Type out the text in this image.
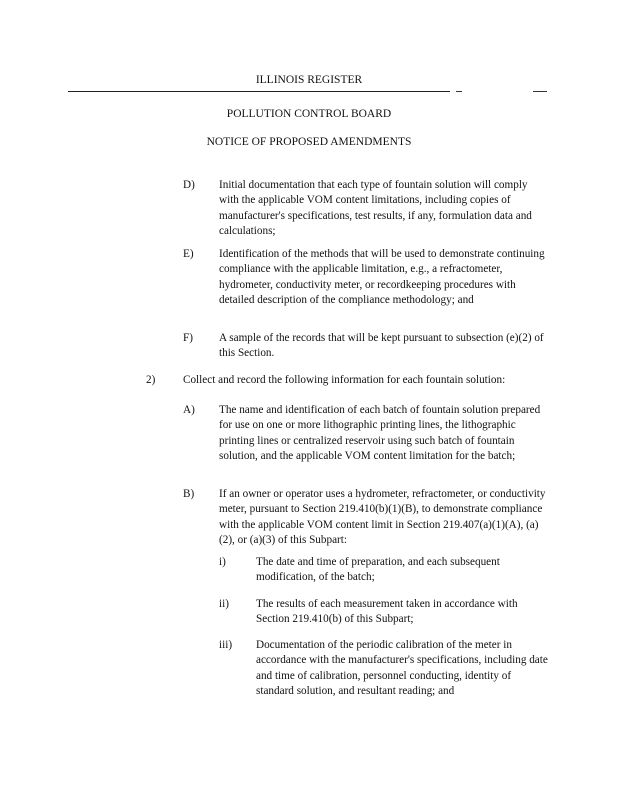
ILLINOIS REGISTER
POLLUTION CONTROL BOARD
NOTICE OF PROPOSED AMENDMENTS
D) Initial documentation that each type of fountain solution will comply with the applicable VOM content limitations, including copies of manufacturer's specifications, test results, if any, formulation data and calculations;
E) Identification of the methods that will be used to demonstrate continuing compliance with the applicable limitation, e.g., a refractometer, hydrometer, conductivity meter, or recordkeeping procedures with detailed description of the compliance methodology; and
F) A sample of the records that will be kept pursuant to subsection (e)(2) of this Section.
2) Collect and record the following information for each fountain solution:
A) The name and identification of each batch of fountain solution prepared for use on one or more lithographic printing lines, the lithographic printing lines or centralized reservoir using such batch of fountain solution, and the applicable VOM content limitation for the batch;
B) If an owner or operator uses a hydrometer, refractometer, or conductivity meter, pursuant to Section 219.410(b)(1)(B), to demonstrate compliance with the applicable VOM content limit in Section 219.407(a)(1)(A), (a)(2), or (a)(3) of this Subpart:
i)	The date and time of preparation, and each subsequent modification, of the batch;
ii) The results of each measurement taken in accordance with Section 219.410(b) of this Subpart;
iii) Documentation of the periodic calibration of the meter in accordance with the manufacturer's specifications, including date and time of calibration, personnel conducting, identity of standard solution, and resultant reading; and
